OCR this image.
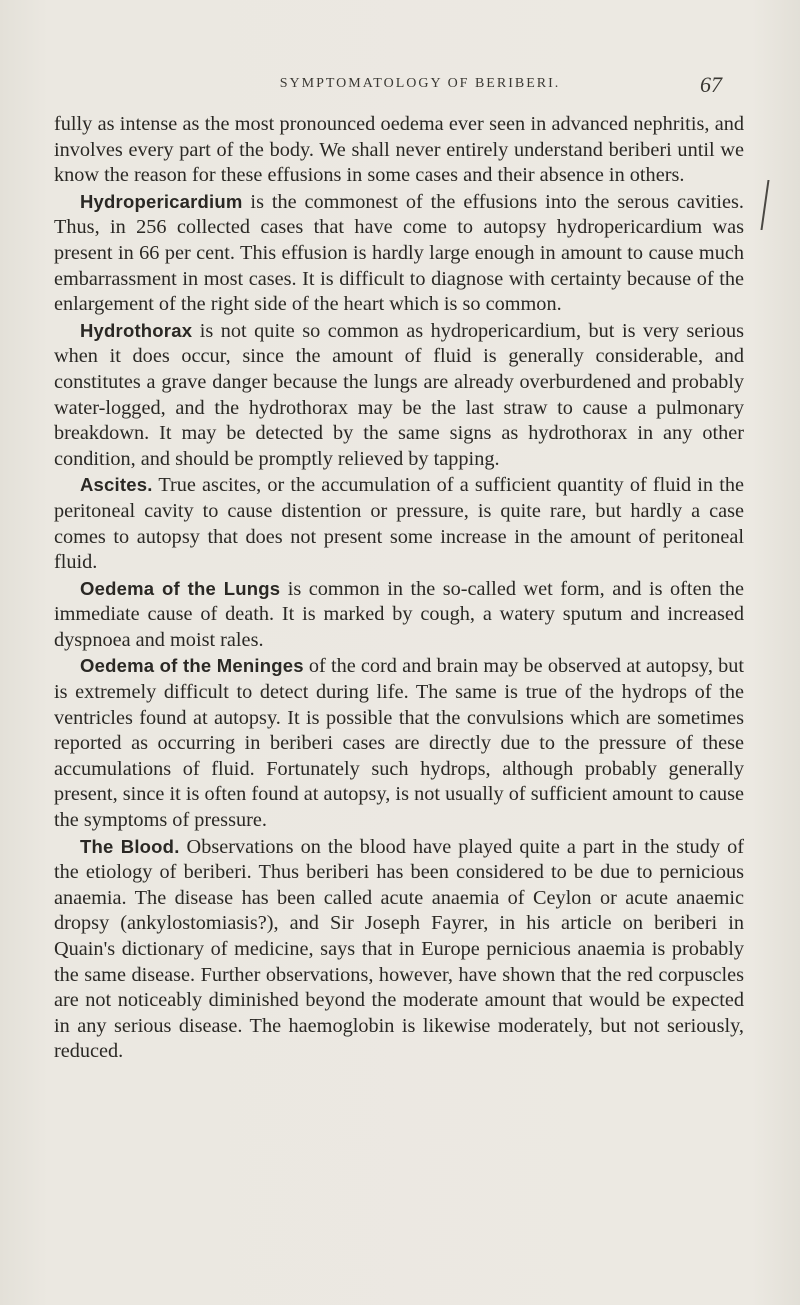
SYMPTOMATOLOGY OF BERIBERI.	67

fully as intense as the most pronounced oedema ever seen in advanced nephritis, and involves every part of the body. We shall never entirely understand beriberi until we know the reason for these effusions in some cases and their absence in others.

Hydropericardium is the commonest of the effusions into the serous cavities. Thus, in 256 collected cases that have come to autopsy hydropericardium was present in 66 per cent. This effusion is hardly large enough in amount to cause much embarrassment in most cases. It is difficult to diagnose with certainty because of the enlargement of the right side of the heart which is so common.

Hydrothorax is not quite so common as hydropericardium, but is very serious when it does occur, since the amount of fluid is generally considerable, and constitutes a grave danger because the lungs are already overburdened and probably water-logged, and the hydrothorax may be the last straw to cause a pulmonary breakdown. It may be detected by the same signs as hydrothorax in any other condition, and should be promptly relieved by tapping.

Ascites. True ascites, or the accumulation of a sufficient quantity of fluid in the peritoneal cavity to cause distention or pressure, is quite rare, but hardly a case comes to autopsy that does not present some increase in the amount of peritoneal fluid.

Oedema of the Lungs is common in the so-called wet form, and is often the immediate cause of death. It is marked by cough, a watery sputum and increased dyspnoea and moist rales.

Oedema of the Meninges of the cord and brain may be observed at autopsy, but is extremely difficult to detect during life. The same is true of the hydrops of the ventricles found at autopsy. It is possible that the convulsions which are sometimes reported as occurring in beriberi cases are directly due to the pressure of these accumulations of fluid. Fortunately such hydrops, although probably generally present, since it is often found at autopsy, is not usually of sufficient amount to cause the symptoms of pressure.

The Blood. Observations on the blood have played quite a part in the study of the etiology of beriberi. Thus beriberi has been considered to be due to pernicious anaemia. The disease has been called acute anaemia of Ceylon or acute anaemic dropsy (ankylostomiasis?), and Sir Joseph Fayrer, in his article on beriberi in Quain's dictionary of medicine, says that in Europe pernicious anaemia is probably the same disease. Further observations, however, have shown that the red corpuscles are not noticeably diminished beyond the moderate amount that would be expected in any serious disease. The haemoglobin is likewise moderately, but not seriously, reduced.
